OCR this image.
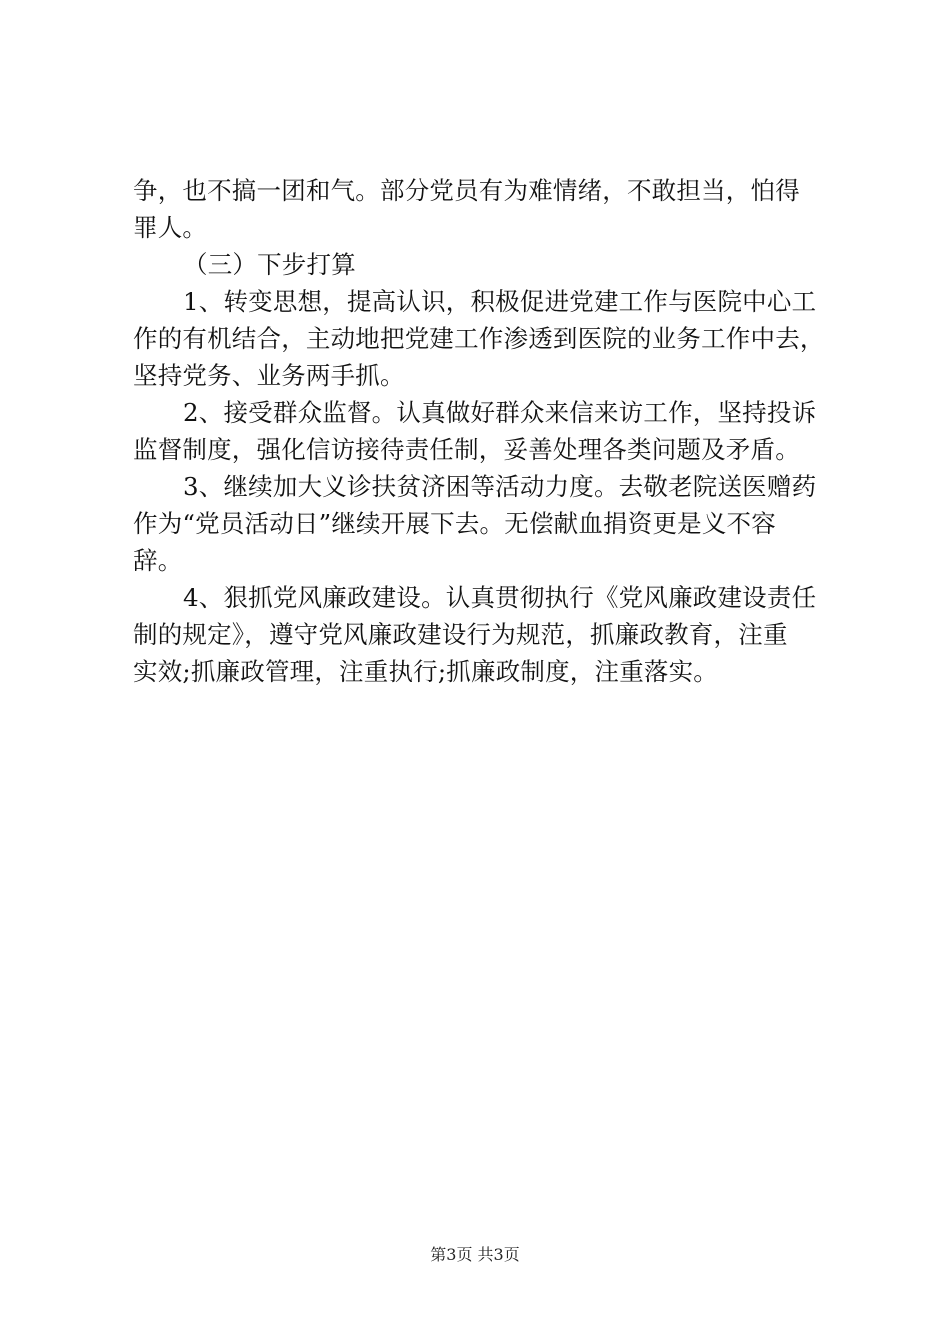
争，也不搞一团和气。部分党员有为难情绪，不敢担当，怕得
罪人。
（三）下步打算
1、转变思想，提高认识，积极促进党建工作与医院中心工
作的有机结合，主动地把党建工作渗透到医院的业务工作中去，
坚持党务、业务两手抓。
2、接受群众监督。认真做好群众来信来访工作，坚持投诉
监督制度，强化信访接待责任制，妥善处理各类问题及矛盾。
3、继续加大义诊扶贫济困等活动力度。去敬老院送医赠药
作为“党员活动日”继续开展下去。无偿献血捐资更是义不容
辞。
4、狠抓党风廉政建设。认真贯彻执行《党风廉政建设责任
制的规定》，遵守党风廉政建设行为规范，抓廉政教育，注重
实效;抓廉政管理，注重执行;抓廉政制度，注重落实。
第3页 共3页
